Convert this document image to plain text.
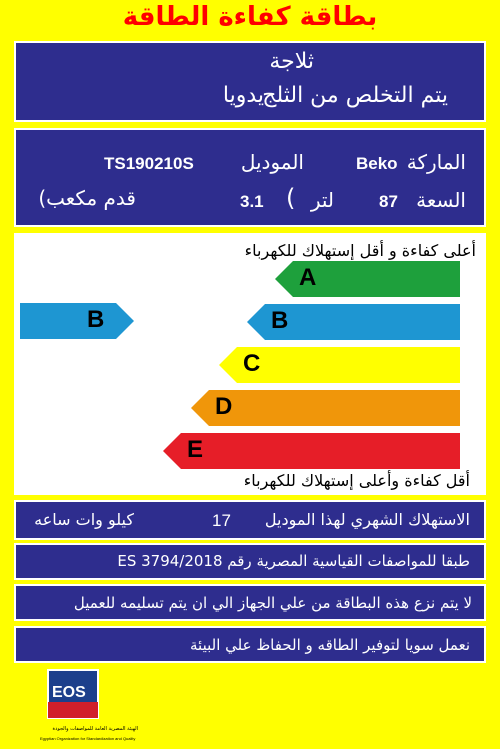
بطاقة كفاءة الطاقة
ثلاجة
يتم التخلص من الثلج
يدويا
الماركة
Beko
الموديل
TS190210S
السعة
87
لتر
(
3.1
قدم مكعب)
أعلى كفاءة و أقل إستهلاك للكهرباء
أقل كفاءة وأعلى إستهلاك للكهرباء
A
B
C
D
E
B
الاستهلاك الشهري لهذا الموديل
17
كيلو وات ساعه
طبقا للمواصفات القياسية المصرية رقم ES 3794/2018
لا يتم نزع هذه البطاقة من علي الجهاز الي ان يتم تسليمه للعميل
نعمل سويا لتوفير الطاقه و الحفاظ علي البيئة
EOS
الهيئة المصرية العامة للمواصفات والجودة
Egyptian Organization for Standardization and Quality
